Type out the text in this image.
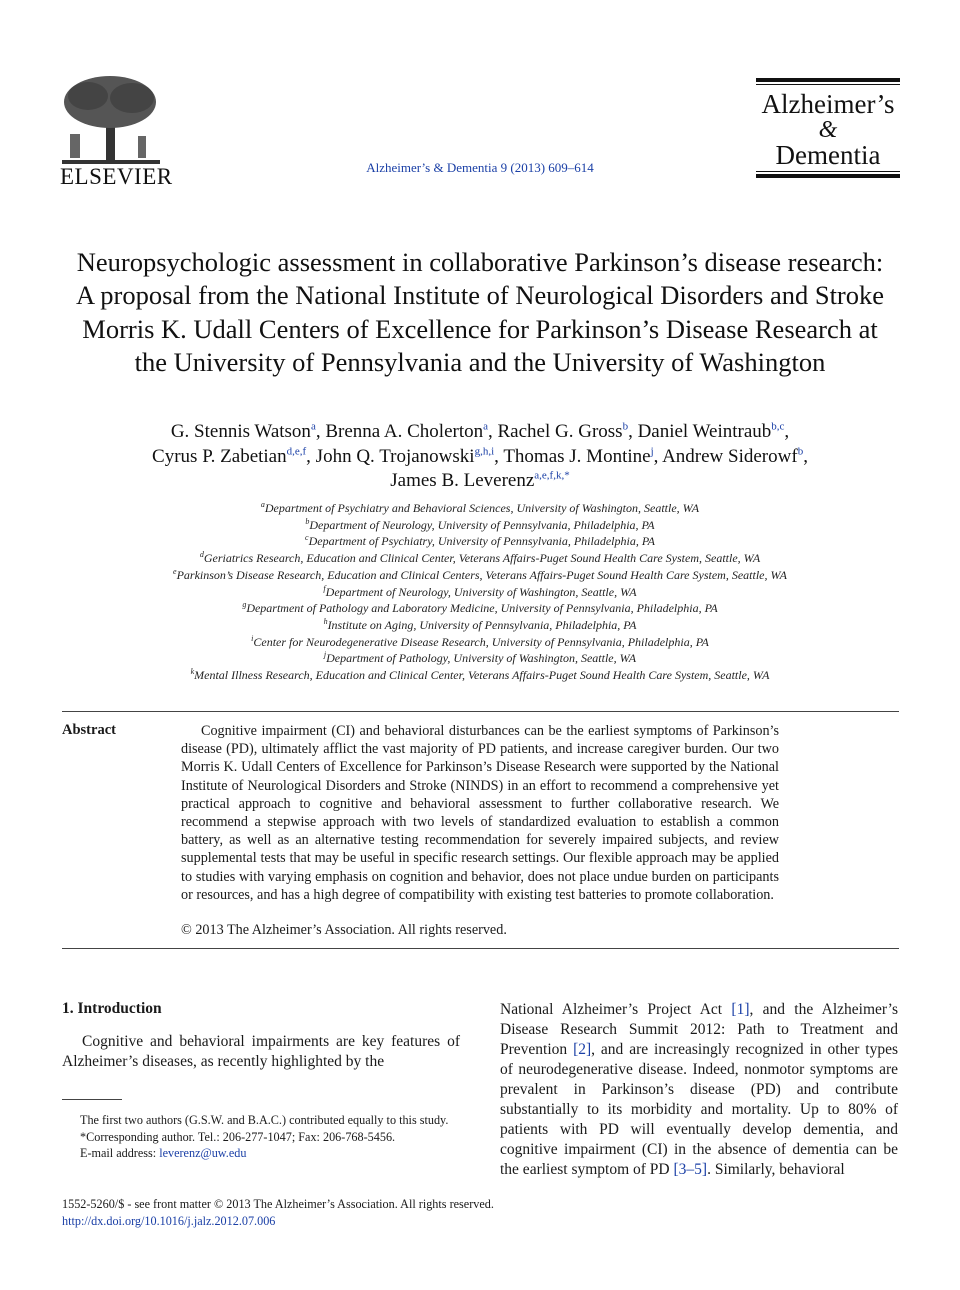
ELSEVIER	Alzheimer’s & Dementia 9 (2013) 609–614
Alzheimer’s
&
Dementia
Neuropsychologic assessment in collaborative Parkinson’s disease research: A proposal from the National Institute of Neurological Disorders and Stroke Morris K. Udall Centers of Excellence for Parkinson’s Disease Research at the University of Pennsylvania and the University of Washington
G. Stennis Watson$^a$, Brenna A. Cholerton$^a$, Rachel G. Gross$^b$, Daniel Weintraub$^{b,c}$,
Cyrus P. Zabetian$^{d,e,f}$, John Q. Trojanowski$^{g,h,i}$, Thomas J. Montine$^j$, Andrew Siderowf$^b$,
James B. Leverenz$^{a,e,f,k,*}$
$^a$Department of Psychiatry and Behavioral Sciences, University of Washington, Seattle, WA
$^b$Department of Neurology, University of Pennsylvania, Philadelphia, PA
$^c$Department of Psychiatry, University of Pennsylvania, Philadelphia, PA
$^d$Geriatrics Research, Education and Clinical Center, Veterans Affairs-Puget Sound Health Care System, Seattle, WA
$^e$Parkinson’s Disease Research, Education and Clinical Centers, Veterans Affairs-Puget Sound Health Care System, Seattle, WA
$^f$Department of Neurology, University of Washington, Seattle, WA
$^g$Department of Pathology and Laboratory Medicine, University of Pennsylvania, Philadelphia, PA
$^h$Institute on Aging, University of Pennsylvania, Philadelphia, PA
$^i$Center for Neurodegenerative Disease Research, University of Pennsylvania, Philadelphia, PA
$^j$Department of Pathology, University of Washington, Seattle, WA
$^k$Mental Illness Research, Education and Clinical Center, Veterans Affairs-Puget Sound Health Care System, Seattle, WA
Abstract	Cognitive impairment (CI) and behavioral disturbances can be the earliest symptoms of Parkinson’s disease (PD), ultimately afflict the vast majority of PD patients, and increase caregiver burden. Our two Morris K. Udall Centers of Excellence for Parkinson’s Disease Research were supported by the National Institute of Neurological Disorders and Stroke (NINDS) in an effort to recommend a comprehensive yet practical approach to cognitive and behavioral assessment to further collaborative research. We recommend a stepwise approach with two levels of standardized evaluation to establish a common battery, as well as an alternative testing recommendation for severely impaired subjects, and review supplemental tests that may be useful in specific research settings. Our flexible approach may be applied to studies with varying emphasis on cognition and behavior, does not place undue burden on participants or resources, and has a high degree of compatibility with existing test batteries to promote collaboration.
© 2013 The Alzheimer’s Association. All rights reserved.
1. Introduction
Cognitive and behavioral impairments are key features of Alzheimer’s diseases, as recently highlighted by the
National Alzheimer’s Project Act [1], and the Alzheimer’s Disease Research Summit 2012: Path to Treatment and Prevention [2], and are increasingly recognized in other types of neurodegenerative disease. Indeed, nonmotor symptoms are prevalent in Parkinson’s disease (PD) and contribute substantially to its morbidity and mortality. Up to 80% of patients with PD will eventually develop dementia, and cognitive impairment (CI) in the absence of dementia can be the earliest symptom of PD [3–5]. Similarly, behavioral

The first two authors (G.S.W. and B.A.C.) contributed equally to this study.

*Corresponding author. Tel.: 206-277-1047; Fax: 206-768-5456.

E-mail address: leverenz@uw.edu

1552-5260/$ - see front matter © 2013 The Alzheimer’s Association. All rights reserved.
http://dx.doi.org/10.1016/j.jalz.2012.07.006
